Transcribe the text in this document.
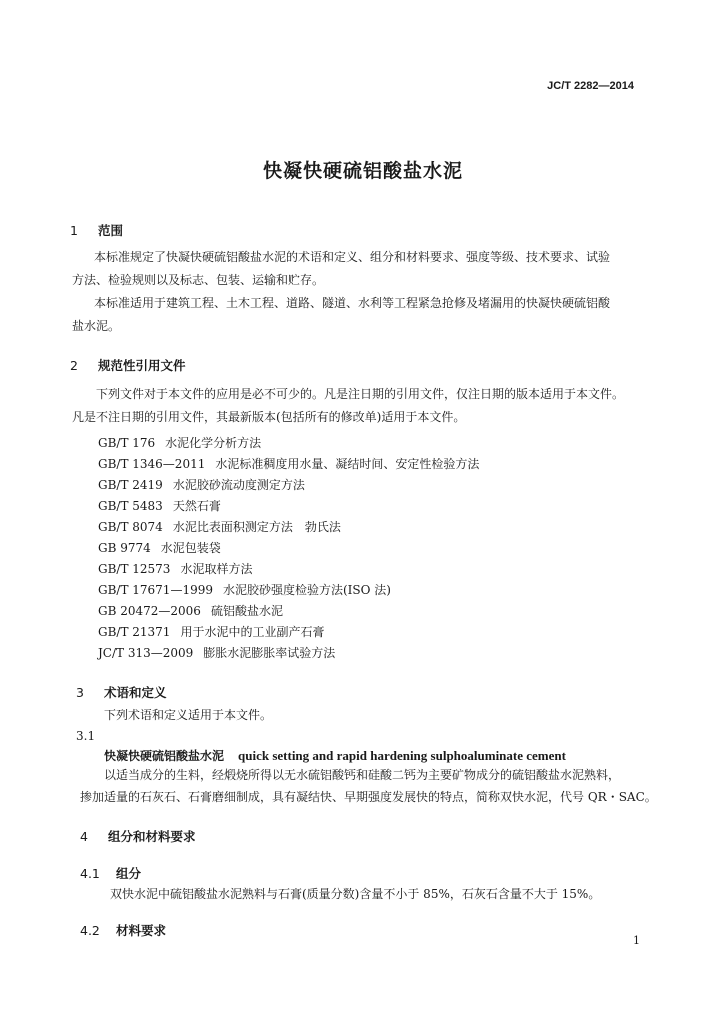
JC/T 2282—2014
快凝快硬硫铝酸盐水泥
1 范围
本标准规定了快凝快硬硫铝酸盐水泥的术语和定义、组分和材料要求、强度等级、技术要求、试验
方法、检验规则以及标志、包装、运输和贮存。
本标准适用于建筑工程、土木工程、道路、隧道、水利等工程紧急抢修及堵漏用的快凝快硬硫铝酸
盐水泥。
2 规范性引用文件
下列文件对于本文件的应用是必不可少的。凡是注日期的引用文件，仅注日期的版本适用于本文件。
凡是不注日期的引用文件，其最新版本(包括所有的修改单)适用于本文件。
GB/T 176 水泥化学分析方法
GB/T 1346—2011 水泥标准稠度用水量、凝结时间、安定性检验方法
GB/T 2419 水泥胶砂流动度测定方法
GB/T 5483 天然石膏
GB/T 8074 水泥比表面积测定方法　勃氏法
GB 9774 水泥包装袋
GB/T 12573 水泥取样方法
GB/T 17671—1999 水泥胶砂强度检验方法(ISO 法)
GB 20472—2006 硫铝酸盐水泥
GB/T 21371 用于水泥中的工业副产石膏
JC/T 313—2009 膨胀水泥膨胀率试验方法
3 术语和定义
下列术语和定义适用于本文件。
3.1
快凝快硬硫铝酸盐水泥 quick setting and rapid hardening sulphoaluminate cement
以适当成分的生料，经煅烧所得以无水硫铝酸钙和硅酸二钙为主要矿物成分的硫铝酸盐水泥熟料，
掺加适量的石灰石、石膏磨细制成，具有凝结快、早期强度发展快的特点，简称双快水泥，代号 QR・SAC。
4 组分和材料要求
4.1 组分
双快水泥中硫铝酸盐水泥熟料与石膏(质量分数)含量不小于 85%，石灰石含量不大于 15%。
4.2 材料要求
1
